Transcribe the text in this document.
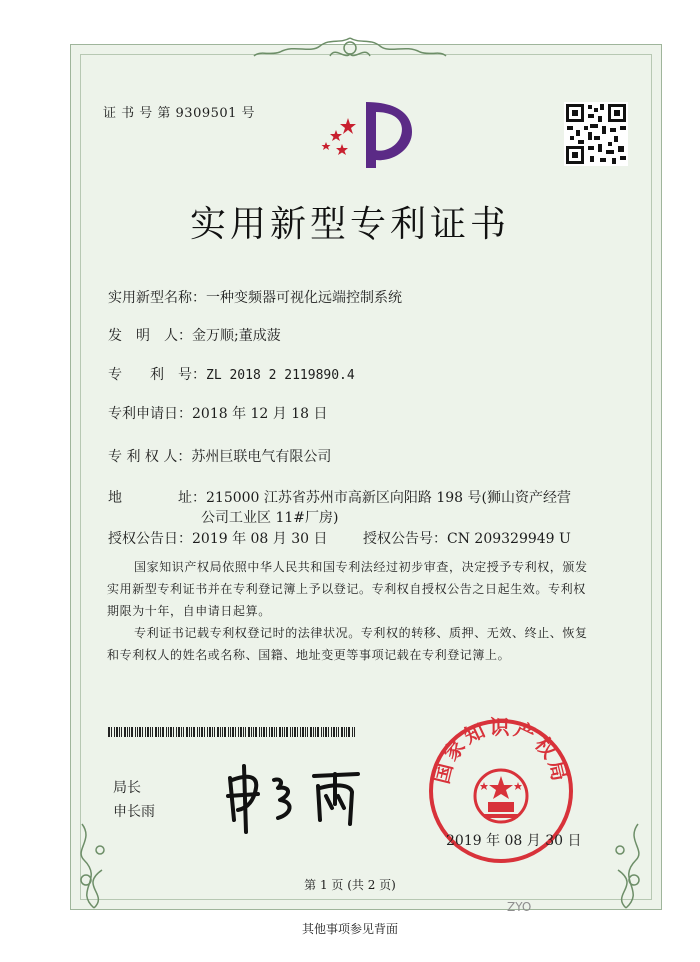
证 书 号 第 9309501 号
实用新型专利证书
实用新型名称：一种变频器可视化远端控制系统
发　明　人：金万顺;董成菠
专　　利　号：ZL 2018 2 2119890.4
专利申请日：2018 年 12 月 18 日
专 利 权 人：苏州巨联电气有限公司
地　　　　址：215000 江苏省苏州市高新区向阳路 198 号(狮山资产经营
公司工业区 11#厂房)
授权公告日：2019 年 08 月 30 日	授权公告号：CN 209329949 U
国家知识产权局依照中华人民共和国专利法经过初步审查，决定授予专利权，颁发实用新型专利证书并在专利登记簿上予以登记。专利权自授权公告之日起生效。专利权期限为十年，自申请日起算。
专利证书记载专利权登记时的法律状况。专利权的转移、质押、无效、终止、恢复和专利权人的姓名或名称、国籍、地址变更等事项记载在专利登记簿上。
局长
申长雨
国家知识产权局
2019 年 08 月 30 日
第 1 页 (共 2 页)
其他事项参见背面
ZYO
